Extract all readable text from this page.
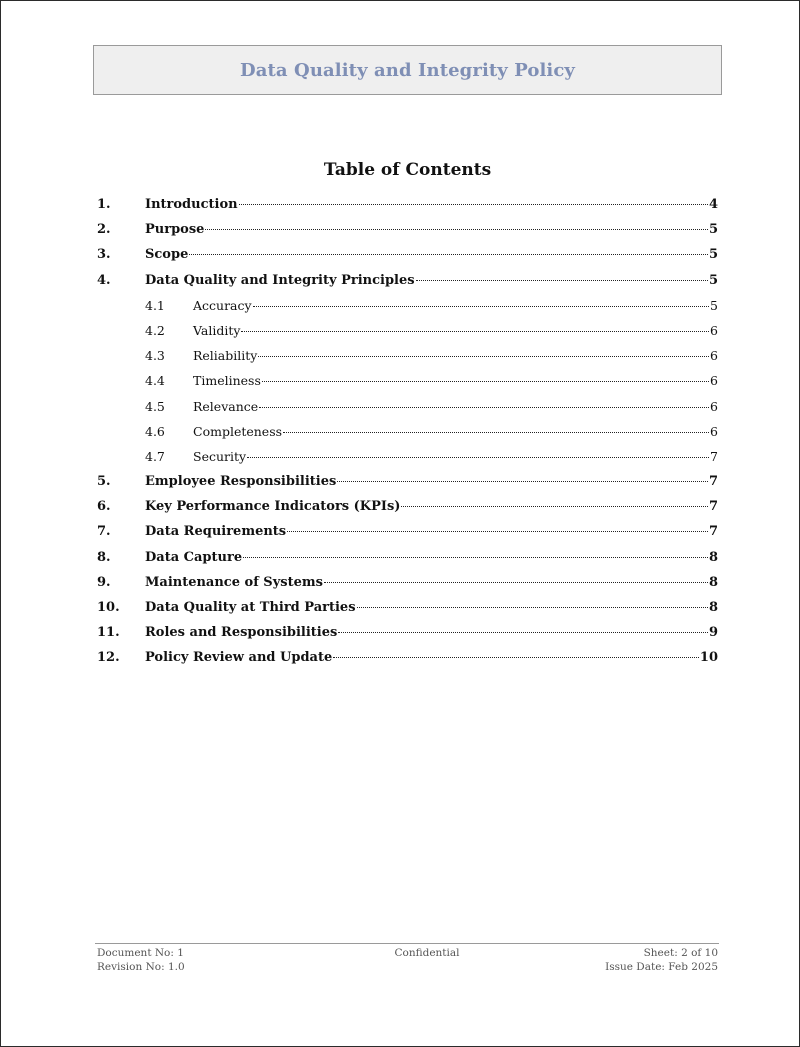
Data Quality and Integrity Policy
Table of Contents
1.	Introduction	4
2.	Purpose	5
3.	Scope	5
4.	Data Quality and Integrity Principles	5
4.1	Accuracy	5
4.2	Validity	6
4.3	Reliability	6
4.4	Timeliness	6
4.5	Relevance	6
4.6	Completeness	6
4.7	Security	7
5.	Employee Responsibilities	7
6.	Key Performance Indicators (KPIs)	7
7.	Data Requirements	7
8.	Data Capture	8
9.	Maintenance of Systems	8
10.	Data Quality at Third Parties	8
11.	Roles and Responsibilities	9
12.	Policy Review and Update	10
Document No: 1
Revision No: 1.0
Confidential	Sheet: 2 of 10
Issue Date: Feb 2025
